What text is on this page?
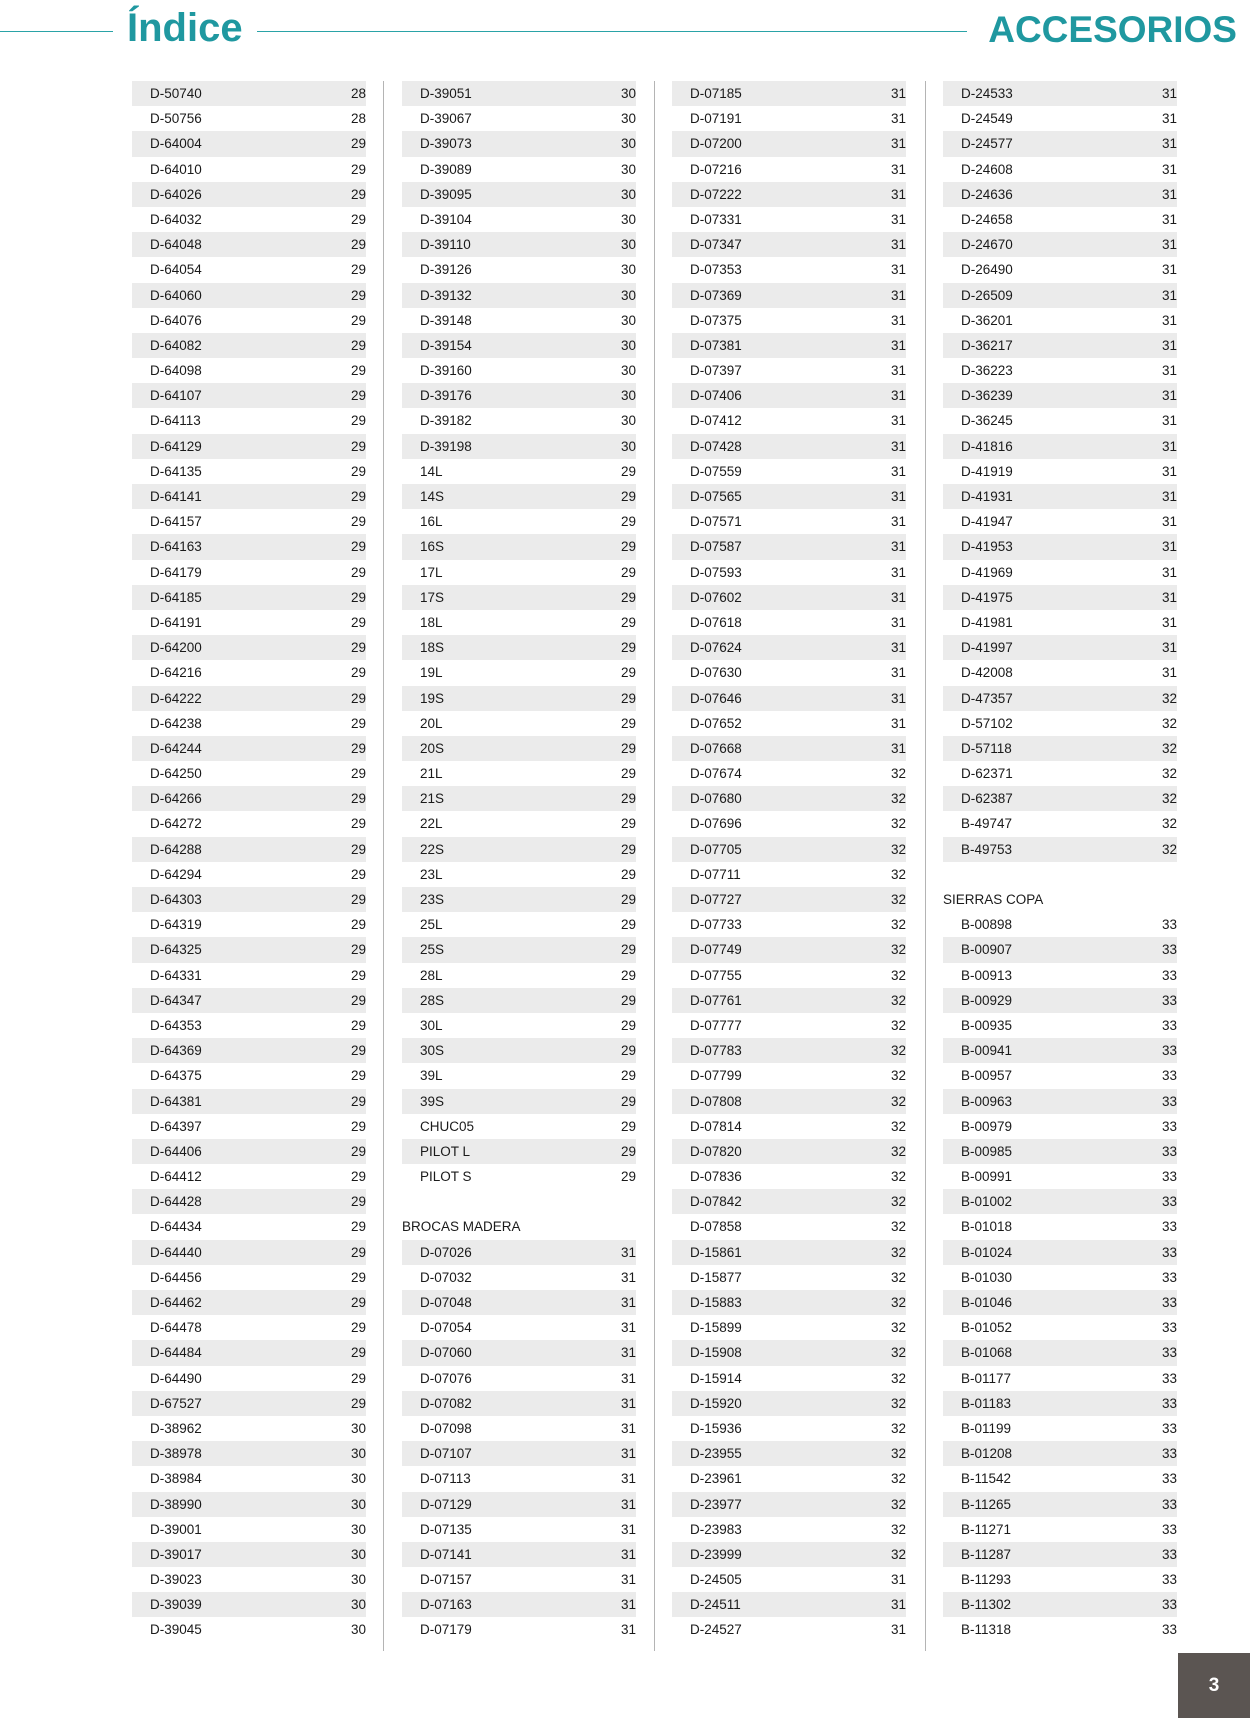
Índice	ACCESORIOS
D-50740	28
D-50756	28
D-64004	29
D-64010	29
D-64026	29
D-64032	29
D-64048	29
D-64054	29
D-64060	29
D-64076	29
D-64082	29
D-64098	29
D-64107	29
D-64113	29
D-64129	29
D-64135	29
D-64141	29
D-64157	29
D-64163	29
D-64179	29
D-64185	29
D-64191	29
D-64200	29
D-64216	29
D-64222	29
D-64238	29
D-64244	29
D-64250	29
D-64266	29
D-64272	29
D-64288	29
D-64294	29
D-64303	29
D-64319	29
D-64325	29
D-64331	29
D-64347	29
D-64353	29
D-64369	29
D-64375	29
D-64381	29
D-64397	29
D-64406	29
D-64412	29
D-64428	29
D-64434	29
D-64440	29
D-64456	29
D-64462	29
D-64478	29
D-64484	29
D-64490	29
D-67527	29
D-38962	30
D-38978	30
D-38984	30
D-38990	30
D-39001	30
D-39017	30
D-39023	30
D-39039	30
D-39045	30
D-39051	30
D-39067	30
D-39073	30
D-39089	30
D-39095	30
D-39104	30
D-39110	30
D-39126	30
D-39132	30
D-39148	30
D-39154	30
D-39160	30
D-39176	30
D-39182	30
D-39198	30
14L	29
14S	29
16L	29
16S	29
17L	29
17S	29
18L	29
18S	29
19L	29
19S	29
20L	29
20S	29
21L	29
21S	29
22L	29
22S	29
23L	29
23S	29
25L	29
25S	29
28L	29
28S	29
30L	29
30S	29
39L	29
39S	29
CHUC05	29
PILOT L	29
PILOT S	29
BROCAS MADERA
D-07026	31
D-07032	31
D-07048	31
D-07054	31
D-07060	31
D-07076	31
D-07082	31
D-07098	31
D-07107	31
D-07113	31
D-07129	31
D-07135	31
D-07141	31
D-07157	31
D-07163	31
D-07179	31
D-07185	31
D-07191	31
D-07200	31
D-07216	31
D-07222	31
D-07331	31
D-07347	31
D-07353	31
D-07369	31
D-07375	31
D-07381	31
D-07397	31
D-07406	31
D-07412	31
D-07428	31
D-07559	31
D-07565	31
D-07571	31
D-07587	31
D-07593	31
D-07602	31
D-07618	31
D-07624	31
D-07630	31
D-07646	31
D-07652	31
D-07668	31
D-07674	32
D-07680	32
D-07696	32
D-07705	32
D-07711	32
D-07727	32
D-07733	32
D-07749	32
D-07755	32
D-07761	32
D-07777	32
D-07783	32
D-07799	32
D-07808	32
D-07814	32
D-07820	32
D-07836	32
D-07842	32
D-07858	32
D-15861	32
D-15877	32
D-15883	32
D-15899	32
D-15908	32
D-15914	32
D-15920	32
D-15936	32
D-23955	32
D-23961	32
D-23977	32
D-23983	32
D-23999	32
D-24505	31
D-24511	31
D-24527	31
D-24533	31
D-24549	31
D-24577	31
D-24608	31
D-24636	31
D-24658	31
D-24670	31
D-26490	31
D-26509	31
D-36201	31
D-36217	31
D-36223	31
D-36239	31
D-36245	31
D-41816	31
D-41919	31
D-41931	31
D-41947	31
D-41953	31
D-41969	31
D-41975	31
D-41981	31
D-41997	31
D-42008	31
D-47357	32
D-57102	32
D-57118	32
D-62371	32
D-62387	32
B-49747	32
B-49753	32
SIERRAS COPA
B-00898	33
B-00907	33
B-00913	33
B-00929	33
B-00935	33
B-00941	33
B-00957	33
B-00963	33
B-00979	33
B-00985	33
B-00991	33
B-01002	33
B-01018	33
B-01024	33
B-01030	33
B-01046	33
B-01052	33
B-01068	33
B-01177	33
B-01183	33
B-01199	33
B-01208	33
B-11542	33
B-11265	33
B-11271	33
B-11287	33
B-11293	33
B-11302	33
B-11318	33
3
